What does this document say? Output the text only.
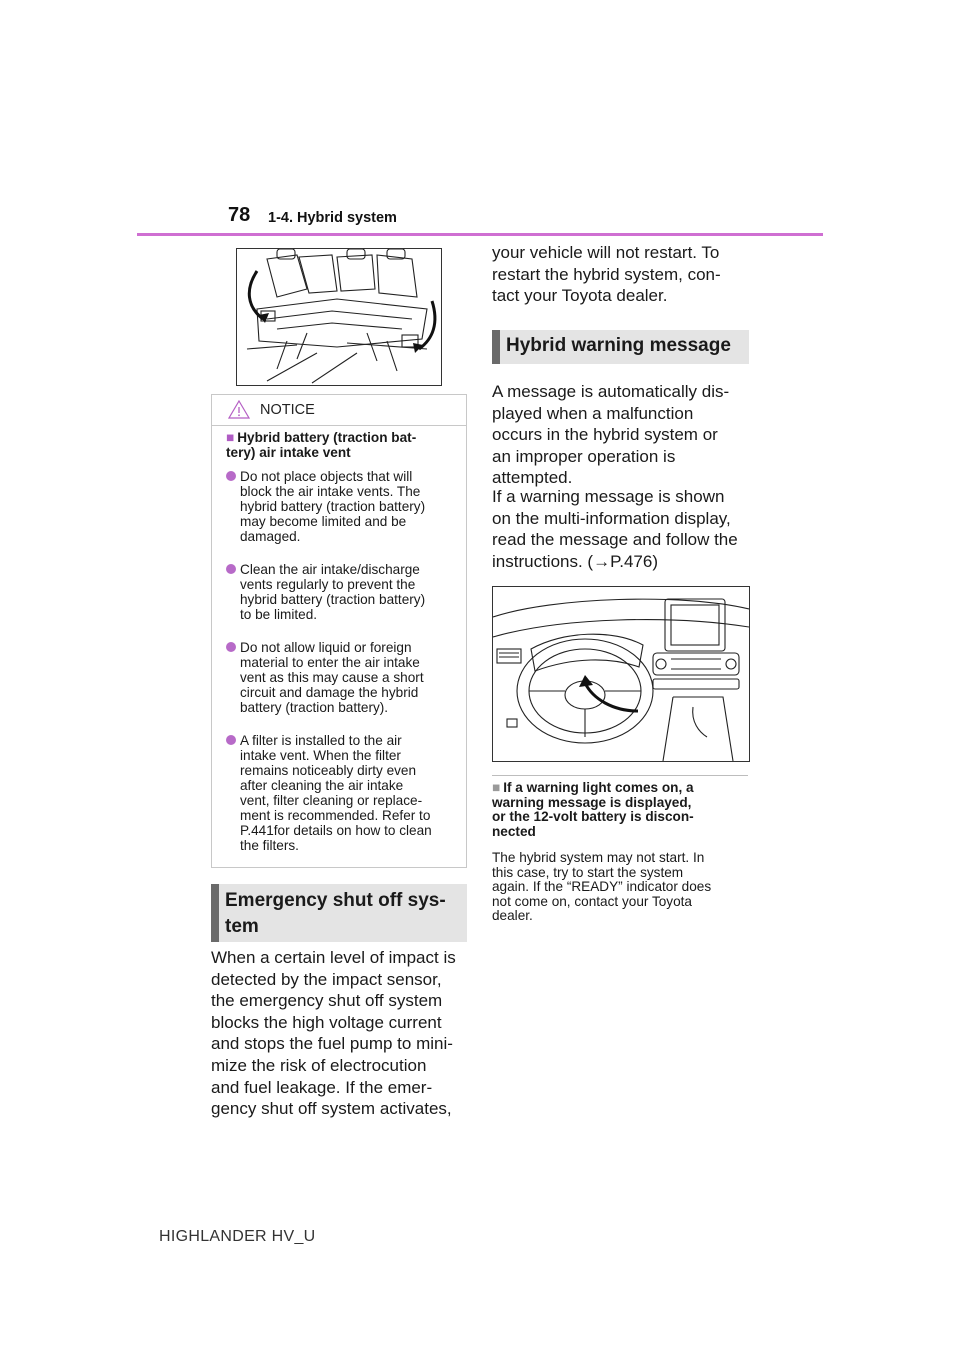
78 1-4. Hybrid system
NOTICE
■ Hybrid battery (traction bat-
tery) air intake vent
Do not place objects that will
block the air intake vents. The
hybrid battery (traction battery)
may become limited and be
damaged.
Clean the air intake/discharge
vents regularly to prevent the
hybrid battery (traction battery)
to be limited.
Do not allow liquid or foreign
material to enter the air intake
vent as this may cause a short
circuit and damage the hybrid
battery (traction battery).
A filter is installed to the air
intake vent. When the filter
remains noticeably dirty even
after cleaning the air intake
vent, filter cleaning or replace-
ment is recommended. Refer to
P.441for details on how to clean
the filters.
Emergency shut off sys-
tem
When a certain level of impact is
detected by the impact sensor,
the emergency shut off system
blocks the high voltage current
and stops the fuel pump to mini-
mize the risk of electrocution
and fuel leakage. If the emer-
gency shut off system activates,
your vehicle will not restart. To
restart the hybrid system, con-
tact your Toyota dealer.
Hybrid warning message
A message is automatically dis-
played when a malfunction
occurs in the hybrid system or
an improper operation is
attempted.
If a warning message is shown
on the multi-information display,
read the message and follow the
instructions. (→P.476)
■ If a warning light comes on, a
warning message is displayed,
or the 12-volt battery is discon-
nected
The hybrid system may not start. In
this case, try to start the system
again. If the “READY” indicator does
not come on, contact your Toyota
dealer.
HIGHLANDER HV_U
